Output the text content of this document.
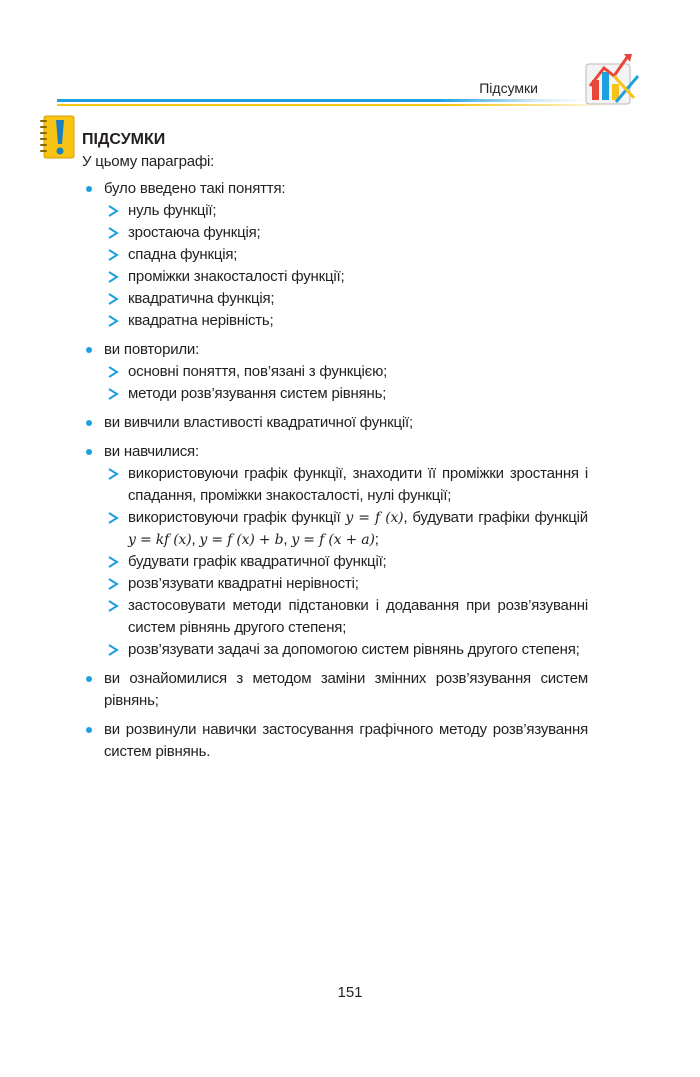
Підсумки
ПІДСУМКИ
У цьому параграфі:
було введено такі поняття:
нуль функції;
зростаюча функція;
спадна функція;
проміжки знакосталості функції;
квадратична функція;
квадратна нерівність;
ви повторили:
основні поняття, пов’язані з функцією;
методи розв’язування систем рівнянь;
ви вивчили властивості квадратичної функції;
ви навчилися:
використовуючи графік функції, знаходити її проміжки зростання і спадання, проміжки знакосталості, нулі функції;
використовуючи графік функції y = f (x), будувати графіки функцій y = kf (x), y = f (x) + b, y = f (x + a);
будувати графік квадратичної функції;
розв’язувати квадратні нерівності;
застосовувати методи підстановки і додавання при розв’язуванні систем рівнянь другого степеня;
розв’язувати задачі за допомогою систем рівнянь другого степеня;
ви ознайомилися з методом заміни змінних розв’язування систем рівнянь;
ви розвинули навички застосування графічного методу розв’язування систем рівнянь.
151
